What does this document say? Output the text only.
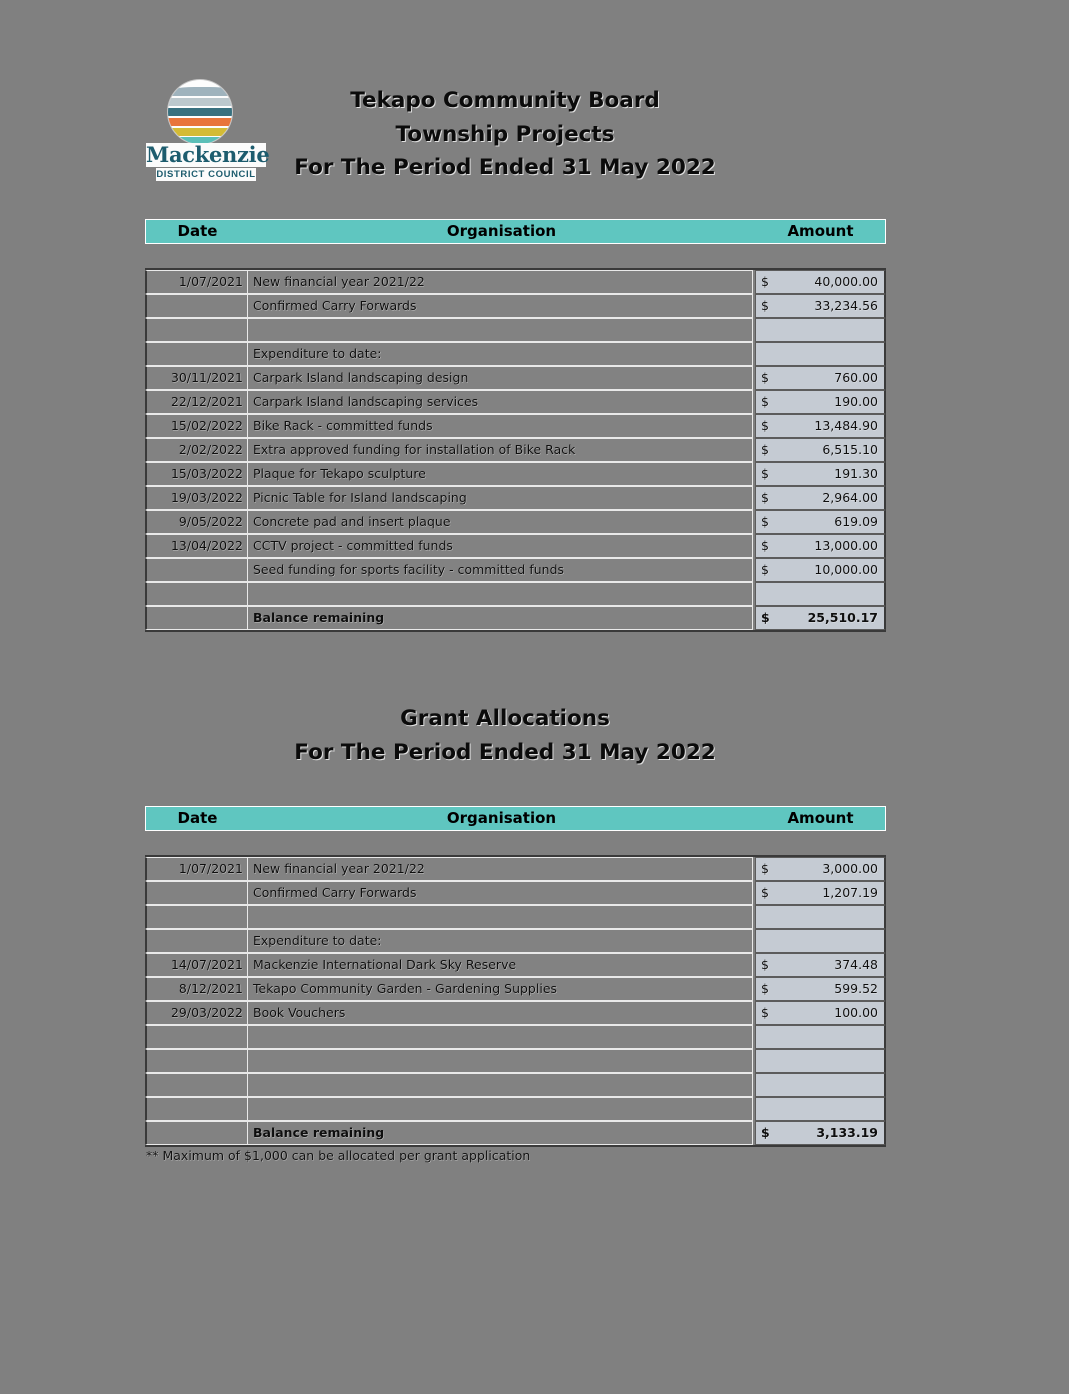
Mackenzie
DISTRICT COUNCIL
Tekapo Community Board
Township Projects
For The Period Ended 31 May 2022
Date	Organisation	Amount
1/07/2021 New financial year 2021/22	$	40,000.00
Confirmed Carry Forwards	$	33,234.56
Expenditure to date:
30/11/2021 Carpark Island landscaping design	$	760.00
22/12/2021 Carpark Island landscaping services	$	190.00
15/02/2022 Bike Rack - committed funds	$	13,484.90
2/02/2022 Extra approved funding for installation of Bike Rack	$	6,515.10
15/03/2022 Plaque for Tekapo sculpture	$	191.30
19/03/2022 Picnic Table for Island landscaping	$	2,964.00
9/05/2022 Concrete pad and insert plaque	$	619.09
13/04/2022 CCTV project - committed funds	$	13,000.00
Seed funding for sports facility - committed funds	$	10,000.00
Balance remaining	$	25,510.17
Grant Allocations
For The Period Ended 31 May 2022
Date	Organisation	Amount
1/07/2021 New financial year 2021/22	$	3,000.00
Confirmed Carry Forwards	$	1,207.19
Expenditure to date:
14/07/2021 Mackenzie International Dark Sky Reserve	$	374.48
8/12/2021 Tekapo Community Garden - Gardening Supplies	$	599.52
29/03/2022 Book Vouchers	$	100.00
Balance remaining	$	3,133.19
** Maximum of $1,000 can be allocated per grant application
